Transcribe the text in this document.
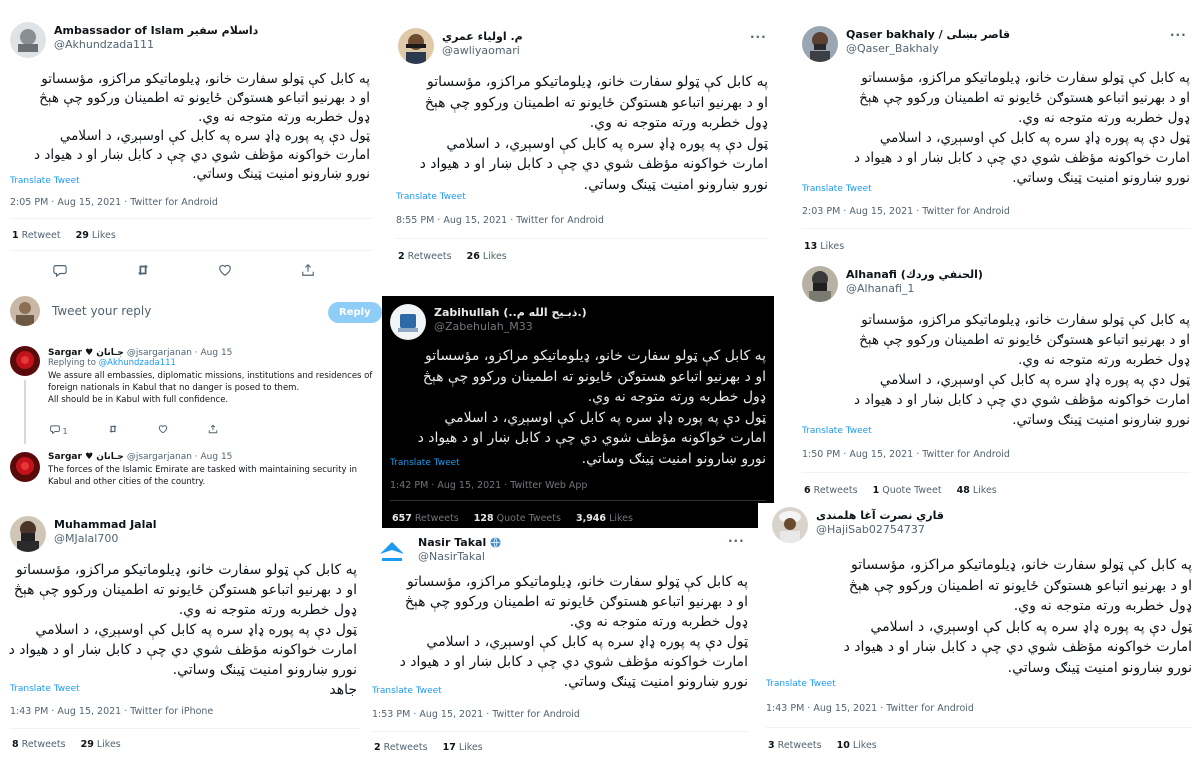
Ambassador of Islam داسلام سفیر
@Akhundzada111
په کابل کې ټولو سفارت خانو، ډیلوماتیکو مراکزو، مؤسساتو
او د بهرنیو اتباعو هستوګن ځایونو ته اطمینان ورکوو چې هېڅ
ډول خطربه ورته متوجه نه وي.
ټول دې په پوره ډاډ سره په کابل کې اوسېږي، د اسلامي
امارت خواکونه مؤظف شوي دي چې د کابل ښار او د هیواد د
نورو ښارونو امنیت ټینګ وساتي.
Translate Tweet
2:05 PM · Aug 15, 2021 · Twitter for Android
1 Retweet 29 Likes
Tweet your reply	Reply
Sargar ♥ جـانان @jsargarjanan · Aug 15
Replying to @Akhundzada111
We assure all embassies, diplomatic missions, institutions and residences of foreign nationals in Kabul that no danger is posed to them.
All should be in Kabul with full confidence.
1
Sargar ♥ جـانان @jsargarjanan · Aug 15
The forces of the Islamic Emirate are tasked with maintaining security in Kabul and other cities of the country.
م. اولياء عمري
@awliyaomari
···
په کابل کې ټولو سفارت خانو، ډیلوماتیکو مراکزو، مؤسساتو
او د بهرنیو اتباعو هستوګن ځایونو ته اطمینان ورکوو چې هېڅ
ډول خطربه ورته متوجه نه وي.
ټول دې په پوره ډاډ سره په کابل کې اوسېږي، د اسلامي
امارت خواکونه مؤظف شوي دي چې د کابل ښار او د هیواد د
نورو ښارونو امنیت ټینګ وساتي.
Translate Tweet
8:55 PM · Aug 15, 2021 · Twitter for Android
2 Retweets 26 Likes
Qaser bakhaly / قاصر بښلی
@Qaser_Bakhaly
···
په کابل کې ټولو سفارت خانو، ډیلوماتیکو مراکزو، مؤسساتو
او د بهرنیو اتباعو هستوګن ځایونو ته اطمینان ورکوو چې هېڅ
ډول خطربه ورته متوجه نه وي.
ټول دې په پوره ډاډ سره په کابل کې اوسېږي، د اسلامي
امارت خواکونه مؤظف شوي دي چې د کابل ښار او د هیواد د
نورو ښارونو امنیت ټینګ وساتي.
Translate Tweet
2:03 PM · Aug 15, 2021 · Twitter for Android
13 Likes
Alhanafi (الحنفي وردك)
@Alhanafi_1
په کابل کې ټولو سفارت خانو، ډیلوماتیکو مراکزو، مؤسساتو
او د بهرنیو اتباعو هستوګن ځایونو ته اطمینان ورکوو چې هېڅ
ډول خطربه ورته متوجه نه وي.
ټول دې په پوره ډاډ سره په کابل کې اوسېږي، د اسلامي
امارت خواکونه مؤظف شوي دي چې د کابل ښار او د هیواد د
نورو ښارونو امنیت ټینګ وساتي.
Translate Tweet
1:50 PM · Aug 15, 2021 · Twitter for Android
6 Retweets 1 Quote Tweet 48 Likes
Zabihullah (..ذبـيح الله م.)
@Zabehulah_M33
په کابل کې ټولو سفارت خانو، ډیلوماتیکو مراکزو، مؤسساتو
او د بهرنیو اتباعو هستوګن ځایونو ته اطمینان ورکوو چې هېڅ
ډول خطربه ورته متوجه نه وي.
ټول دې په پوره ډاډ سره په کابل کې اوسېږي، د اسلامي
امارت خواکونه مؤظف شوي دي چې د کابل ښار او د هیواد د
نورو ښارونو امنیت ټینګ وساتي.
Translate Tweet
1:42 PM · Aug 15, 2021 · Twitter Web App
657 Retweets 128 Quote Tweets 3,946 Likes
Muhammad Jalal
@MJalal700
په کابل کې ټولو سفارت خانو، ډیلوماتیکو مراکزو، مؤسساتو
او د بهرنیو اتباعو هستوګن ځایونو ته اطمینان ورکوو چې هېڅ
ډول خطربه ورته متوجه نه وي.
ټول دې په پوره ډاډ سره په کابل کې اوسېږي، د اسلامي
امارت خواکونه مؤظف شوي دي چې د کابل ښار او د هیواد د
نورو ښارونو امنیت ټینګ وساتي.
جاهد
Translate Tweet
1:43 PM · Aug 15, 2021 · Twitter for iPhone
8 Retweets 29 Likes
Nasir Takal
@NasirTakal
···
په کابل کې ټولو سفارت خانو، ډیلوماتیکو مراکزو، مؤسساتو
او د بهرنیو اتباعو هستوګن ځایونو ته اطمینان ورکوو چې هېڅ
ډول خطربه ورته متوجه نه وي.
ټول دې په پوره ډاډ سره په کابل کې اوسېږي، د اسلامي
امارت خواکونه مؤظف شوي دي چې د کابل ښار او د هیواد د
نورو ښارونو امنیت ټینګ وساتي.
Translate Tweet
1:53 PM · Aug 15, 2021 · Twitter for Android
2 Retweets 17 Likes
قاري نصرت آغا هلمندی
@HajiSab02754737
په کابل کې ټولو سفارت خانو، ډیلوماتیکو مراکزو، مؤسساتو
او د بهرنیو اتباعو هستوګن ځایونو ته اطمینان ورکوو چې هېڅ
ډول خطربه ورته متوجه نه وي.
ټول دې په پوره ډاډ سره په کابل کې اوسېږي، د اسلامي
امارت خواکونه مؤظف شوي دي چې د کابل ښار او د هیواد د
نورو ښارونو امنیت ټینګ وساتي.
Translate Tweet
1:43 PM · Aug 15, 2021 · Twitter for Android
3 Retweets 10 Likes
